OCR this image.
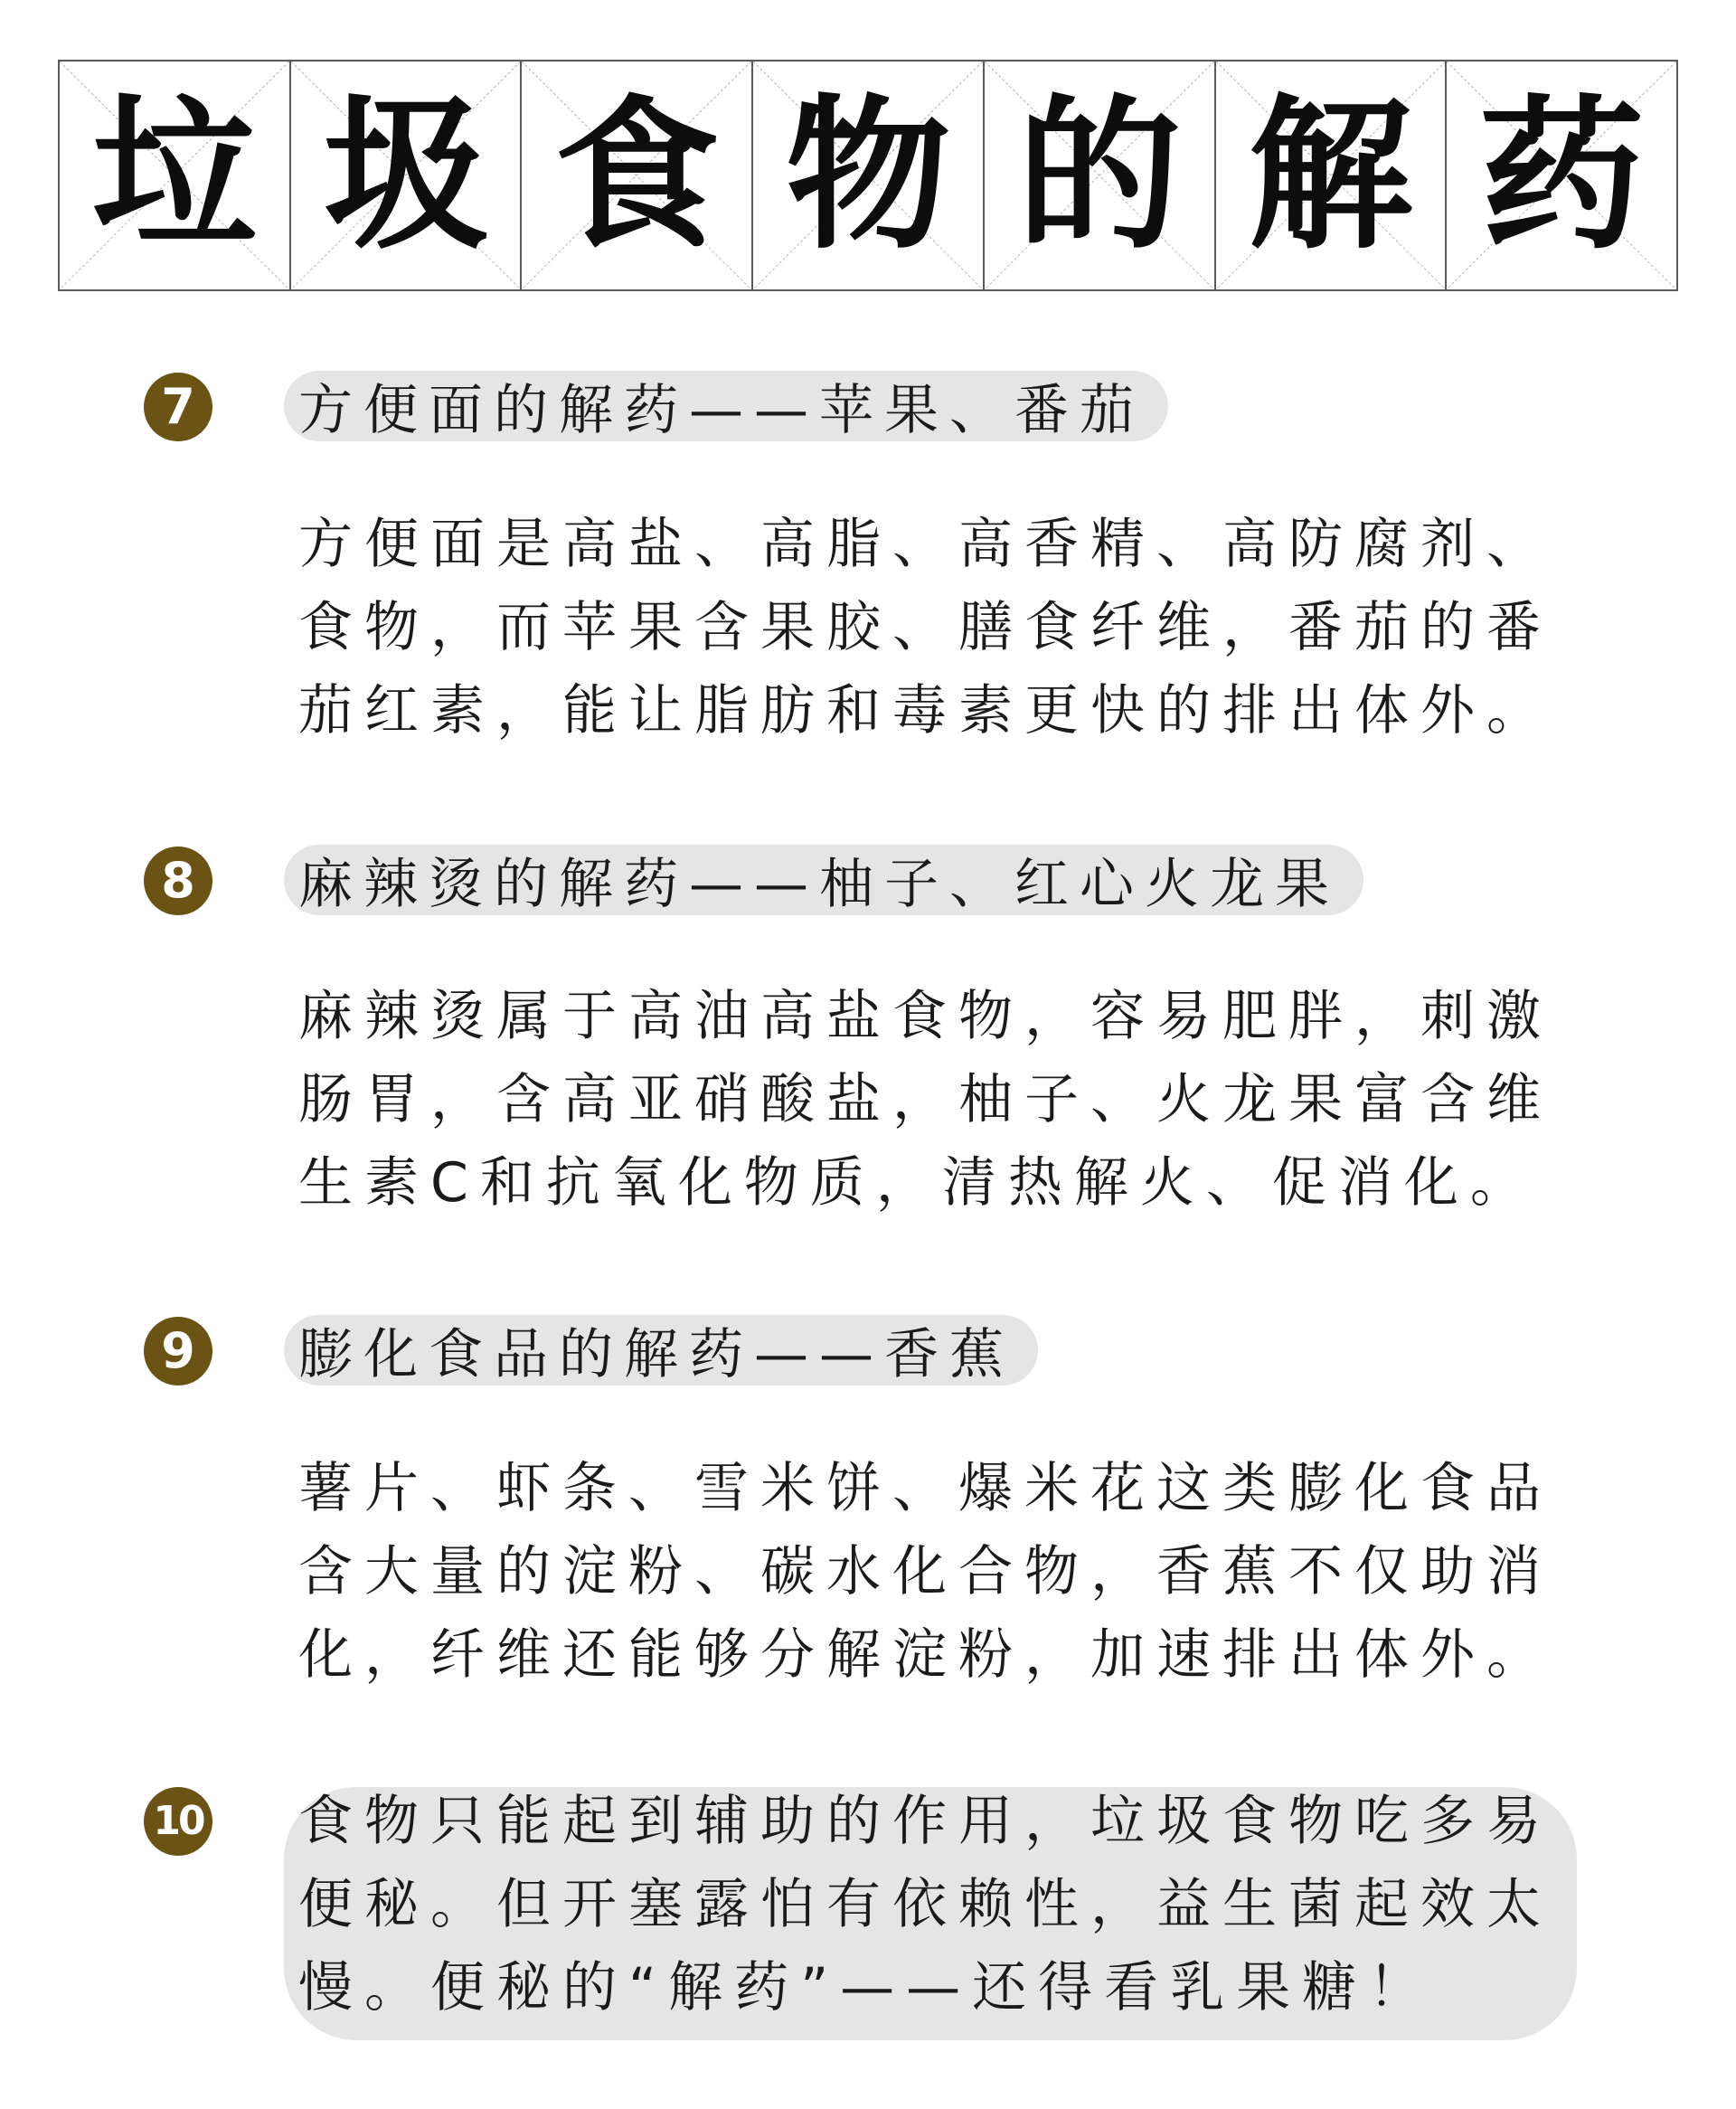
垃 圾 食 物 的 解 药
7	方便面的解药——苹果、番茄
方便面是高盐、高脂、高香精、高防腐剂、
食物，而苹果含果胶、膳食纤维，番茄的番
茄红素，能让脂肪和毒素更快的排出体外。
8	麻辣烫的解药——柚子、红心火龙果
麻辣烫属于高油高盐食物，容易肥胖，刺激
肠胃，含高亚硝酸盐，柚子、火龙果富含维
生素C和抗氧化物质，清热解火、促消化。
9	膨化食品的解药——香蕉
薯片、虾条、雪米饼、爆米花这类膨化食品
含大量的淀粉、碳水化合物，香蕉不仅助消
化，纤维还能够分解淀粉，加速排出体外。
10 食物只能起到辅助的作用，垃圾食物吃多易
便秘。但开塞露怕有依赖性，益生菌起效太
慢。便秘的“解药”——还得看乳果糖！
